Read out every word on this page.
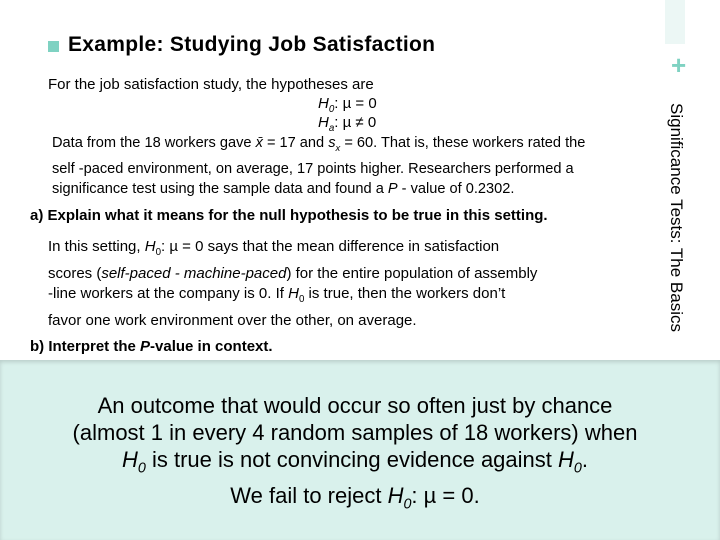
Example: Studying Job Satisfaction
+
Significance Tests: The Basics
For the job satisfaction study, the hypotheses are
$H_0$: µ = 0
$H_a$: µ ≠ 0
Data from the 18 workers gave x̄ = 17 and $s_x = 60$. That is, these workers rated the
self -paced environment, on average, 17 points higher. Researchers performed a
significance test using the sample data and found a P - value of 0.2302.
a) Explain what it means for the null hypothesis to be true in this setting.
In this setting, $H_0$: µ = 0 says that the mean difference in satisfaction
scores (self-paced - machine-paced) for the entire population of assembly
-line workers at the company is 0. If $H_0$ is true, then the workers don’t
favor one work environment over the other, on average.
b) Interpret the P-value in context.
An outcome that would occur so often just by chance
(almost 1 in every 4 random samples of 18 workers) when
$H_0$ is true is not convincing evidence against $H_0$.
We fail to reject $H_0$: µ = 0.
